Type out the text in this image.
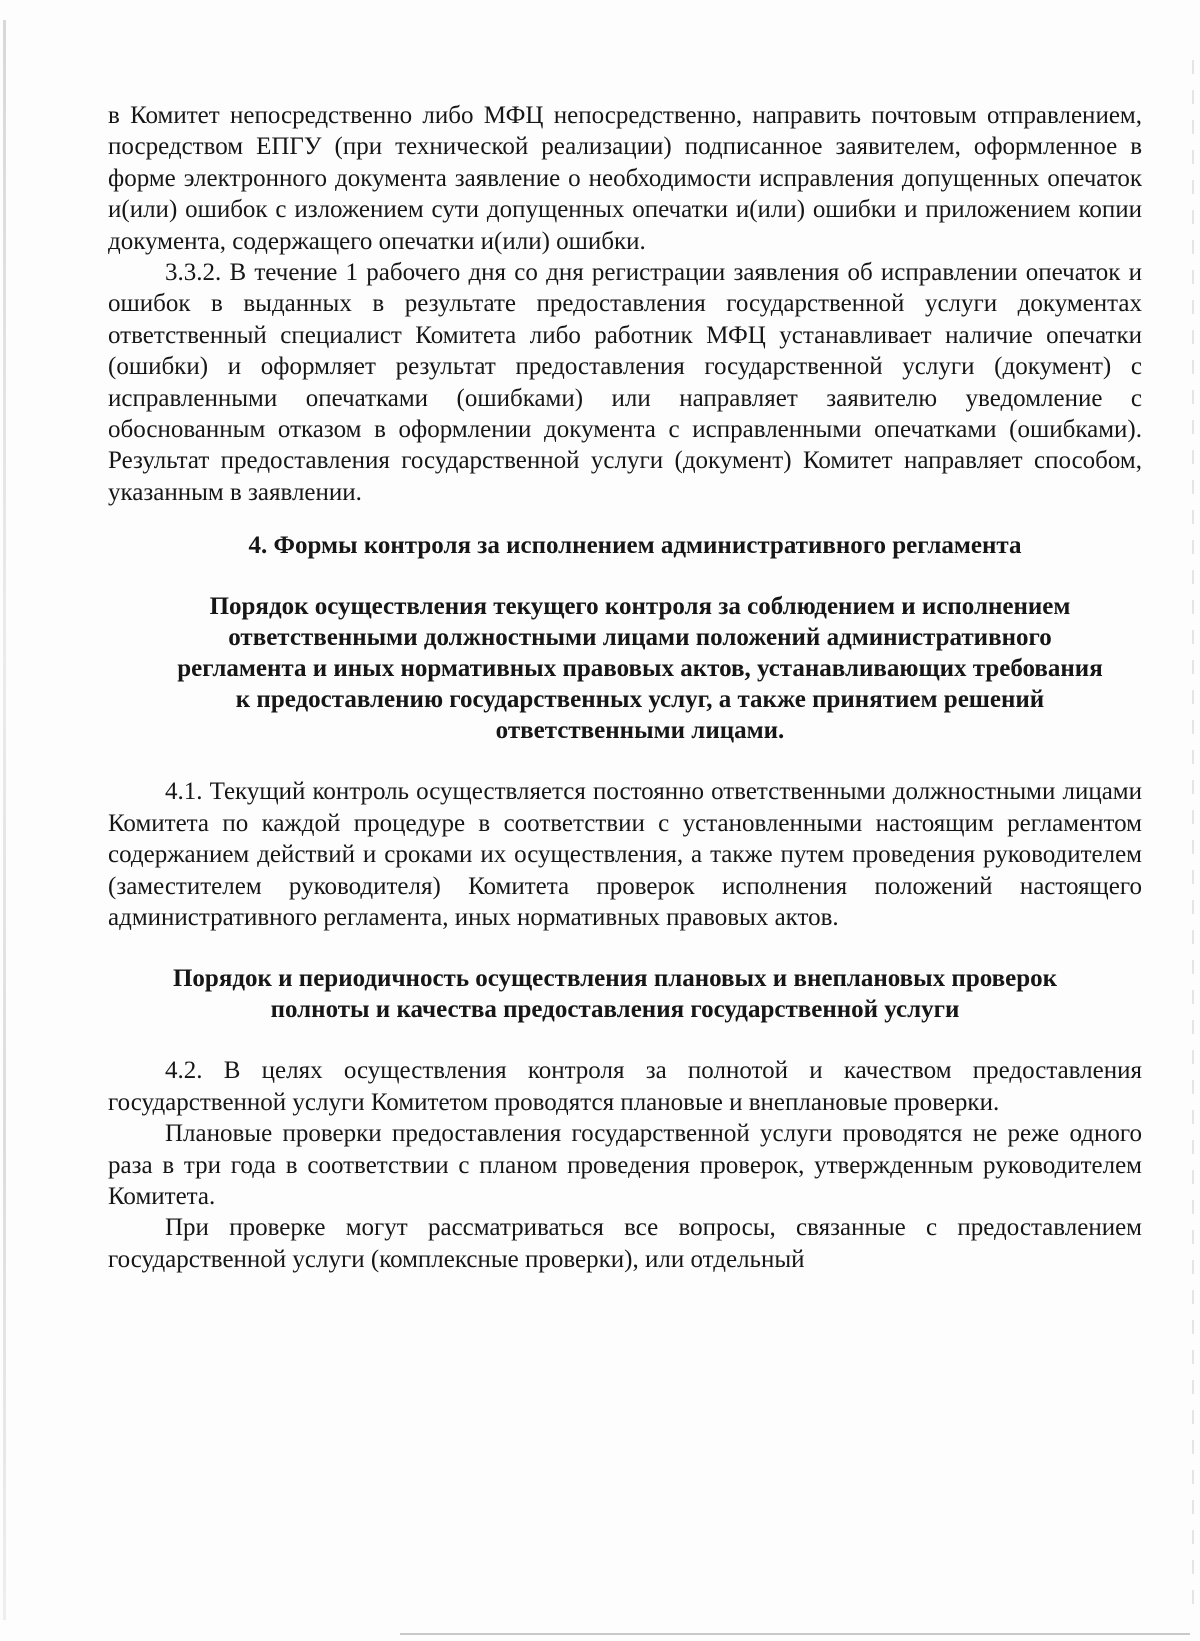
в Комитет непосредственно либо МФЦ непосредственно, направить почтовым отправлением, посредством ЕПГУ (при технической реализации) подписанное заявителем, оформленное в форме электронного документа заявление о необходимости исправления допущенных опечаток и(или) ошибок с изложением сути допущенных опечатки и(или) ошибки и приложением копии документа, содержащего опечатки и(или) ошибки.

3.3.2. В течение 1 рабочего дня со дня регистрации заявления об исправлении опечаток и ошибок в выданных в результате предоставления государственной услуги документах ответственный специалист Комитета либо работник МФЦ устанавливает наличие опечатки (ошибки) и оформляет результат предоставления государственной услуги (документ) с исправленными опечатками (ошибками) или направляет заявителю уведомление с обоснованным отказом в оформлении документа с исправленными опечатками (ошибками). Результат предоставления государственной услуги (документ) Комитет направляет способом, указанным в заявлении.

4. Формы контроля за исполнением административного регламента

Порядок осуществления текущего контроля за соблюдением и исполнением ответственными должностными лицами положений административного регламента и иных нормативных правовых актов, устанавливающих требования к предоставлению государственных услуг, а также принятием решений ответственными лицами.

4.1. Текущий контроль осуществляется постоянно ответственными должностными лицами Комитета по каждой процедуре в соответствии с установленными настоящим регламентом содержанием действий и сроками их осуществления, а также путем проведения руководителем (заместителем руководителя) Комитета проверок исполнения положений настоящего административного регламента, иных нормативных правовых актов.

Порядок и периодичность осуществления плановых и внеплановых проверок полноты и качества предоставления государственной услуги

4.2. В целях осуществления контроля за полнотой и качеством предоставления государственной услуги Комитетом проводятся плановые и внеплановые проверки.

Плановые проверки предоставления государственной услуги проводятся не реже одного раза в три года в соответствии с планом проведения проверок, утвержденным руководителем Комитета.

При проверке могут рассматриваться все вопросы, связанные с предоставлением государственной услуги (комплексные проверки), или отдельный
